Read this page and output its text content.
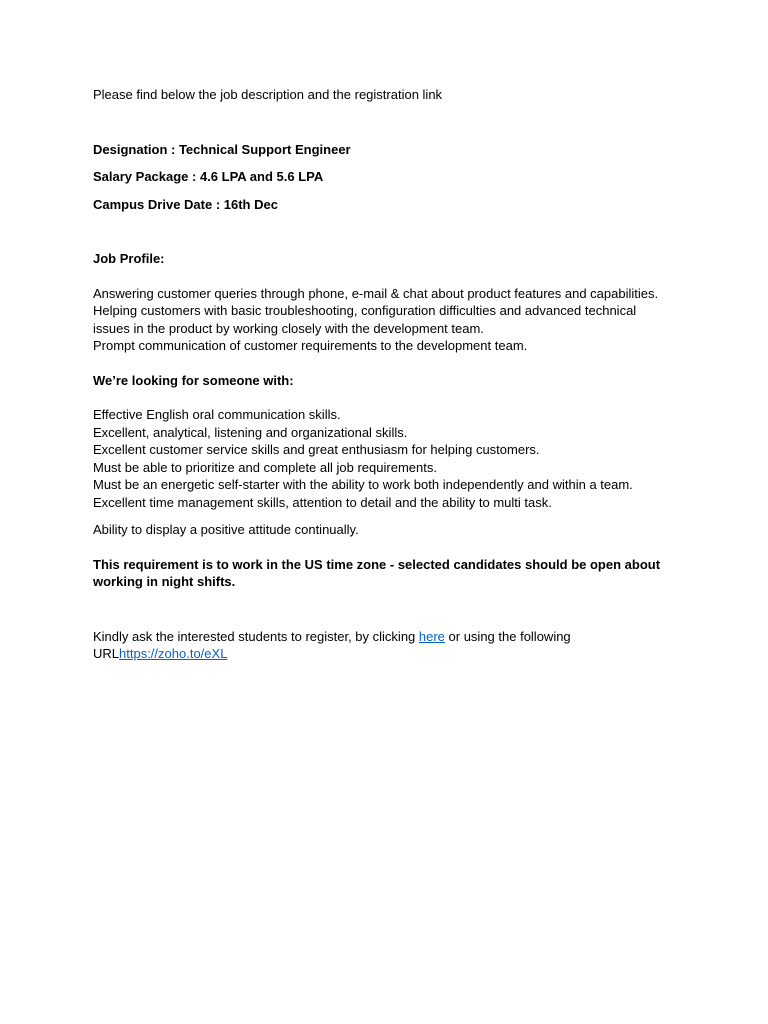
Please find below the job description and the registration link

Designation : Technical Support Engineer

Salary Package : 4.6 LPA and 5.6 LPA

Campus Drive Date : 16th Dec

Job Profile:

Answering customer queries through phone, e-mail & chat about product features and capabilities.

Helping customers with basic troubleshooting, configuration difficulties and advanced technical issues in the product by working closely with the development team.

Prompt communication of customer requirements to the development team.

We’re looking for someone with:

Effective English oral communication skills.

Excellent, analytical, listening and organizational skills.

Excellent customer service skills and great enthusiasm for helping customers.

Must be able to prioritize and complete all job requirements.

Must be an energetic self-starter with the ability to work both independently and within a team.

Excellent time management skills, attention to detail and the ability to multi task.

Ability to display a positive attitude continually.

This requirement is to work in the US time zone - selected candidates should be open about working in night shifts.

Kindly ask the interested students to register, by clicking here or using the following URLhttps://zoho.to/eXL
